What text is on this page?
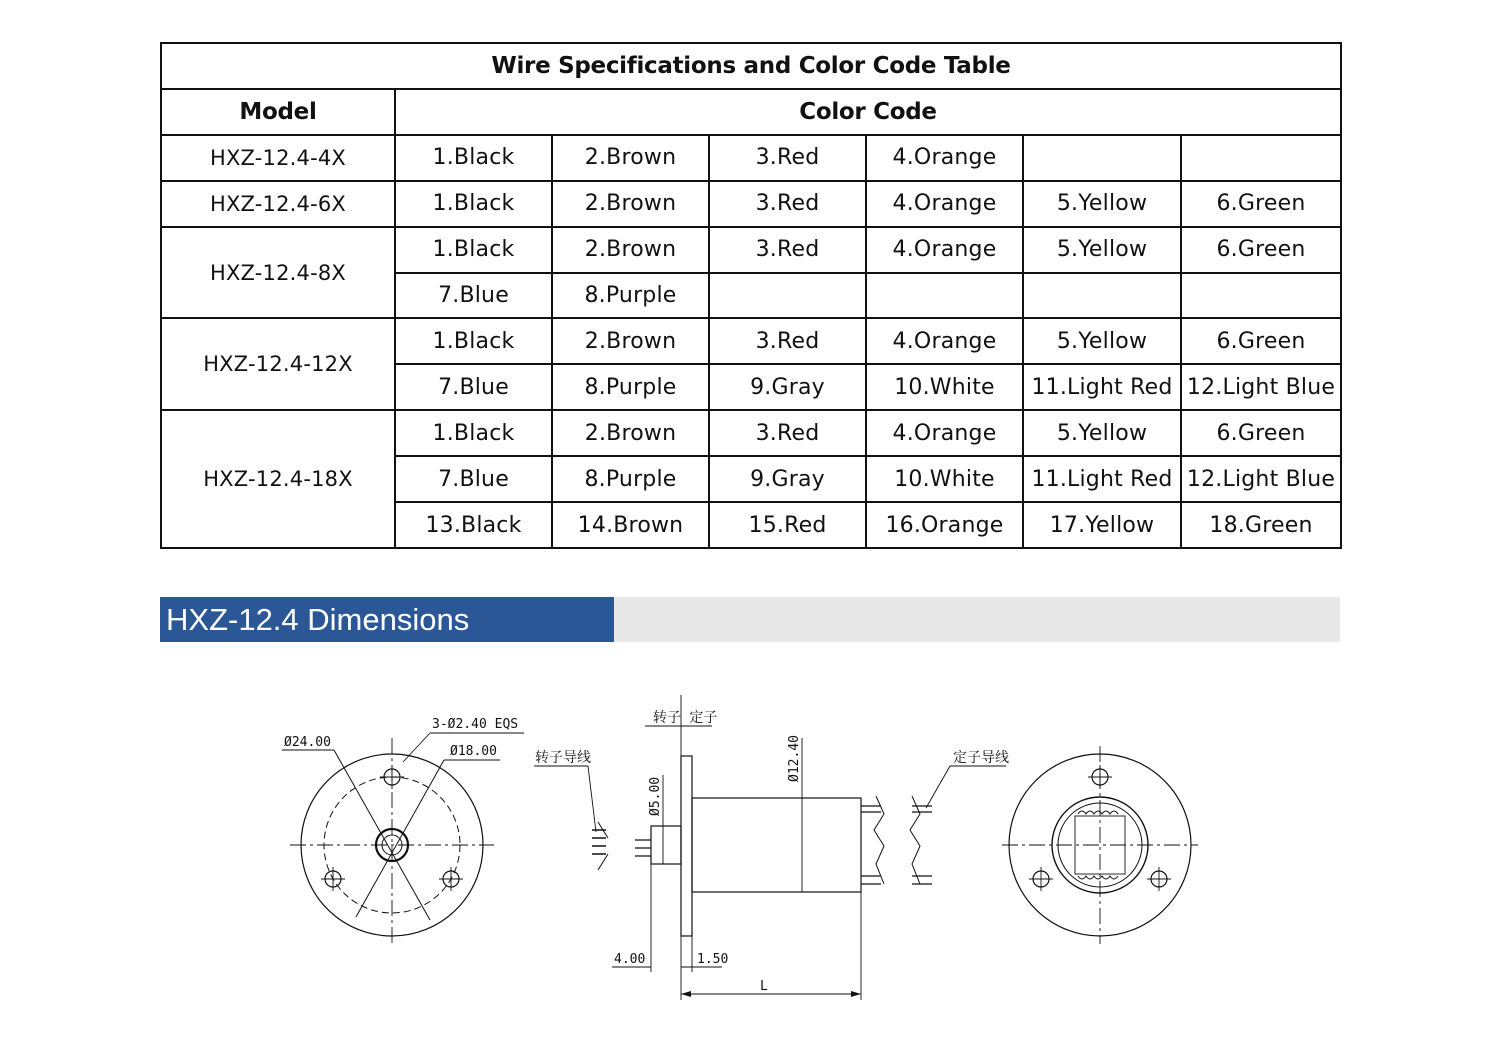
Wire Specifications and Color Code Table						
Model	Color Code					
HXZ-12.4-4X	1.Black	2.Brown	3.Red	4.Orange		
HXZ-12.4-6X	1.Black	2.Brown	3.Red	4.Orange	5.Yellow	6.Green
HXZ-12.4-8X	1.Black	2.Brown	3.Red	4.Orange	5.Yellow	6.Green
	7.Blue	8.Purple				
HXZ-12.4-12X	1.Black	2.Brown	3.Red	4.Orange	5.Yellow	6.Green
	7.Blue	8.Purple	9.Gray	10.White	11.Light Red	12.Light Blue
HXZ-12.4-18X	1.Black	2.Brown	3.Red	4.Orange	5.Yellow	6.Green
	7.Blue	8.Purple	9.Gray	10.White	11.Light Red	12.Light Blue
	13.Black	14.Brown	15.Red	16.Orange	17.Yellow	18.Green
HXZ-12.4 Dimensions
Ø24.00
3-Ø2.40 EQS
Ø18.00
转子 定子
转子导线	Ø12.40
Ø5.00
4.00	1.50
L
定子导线
